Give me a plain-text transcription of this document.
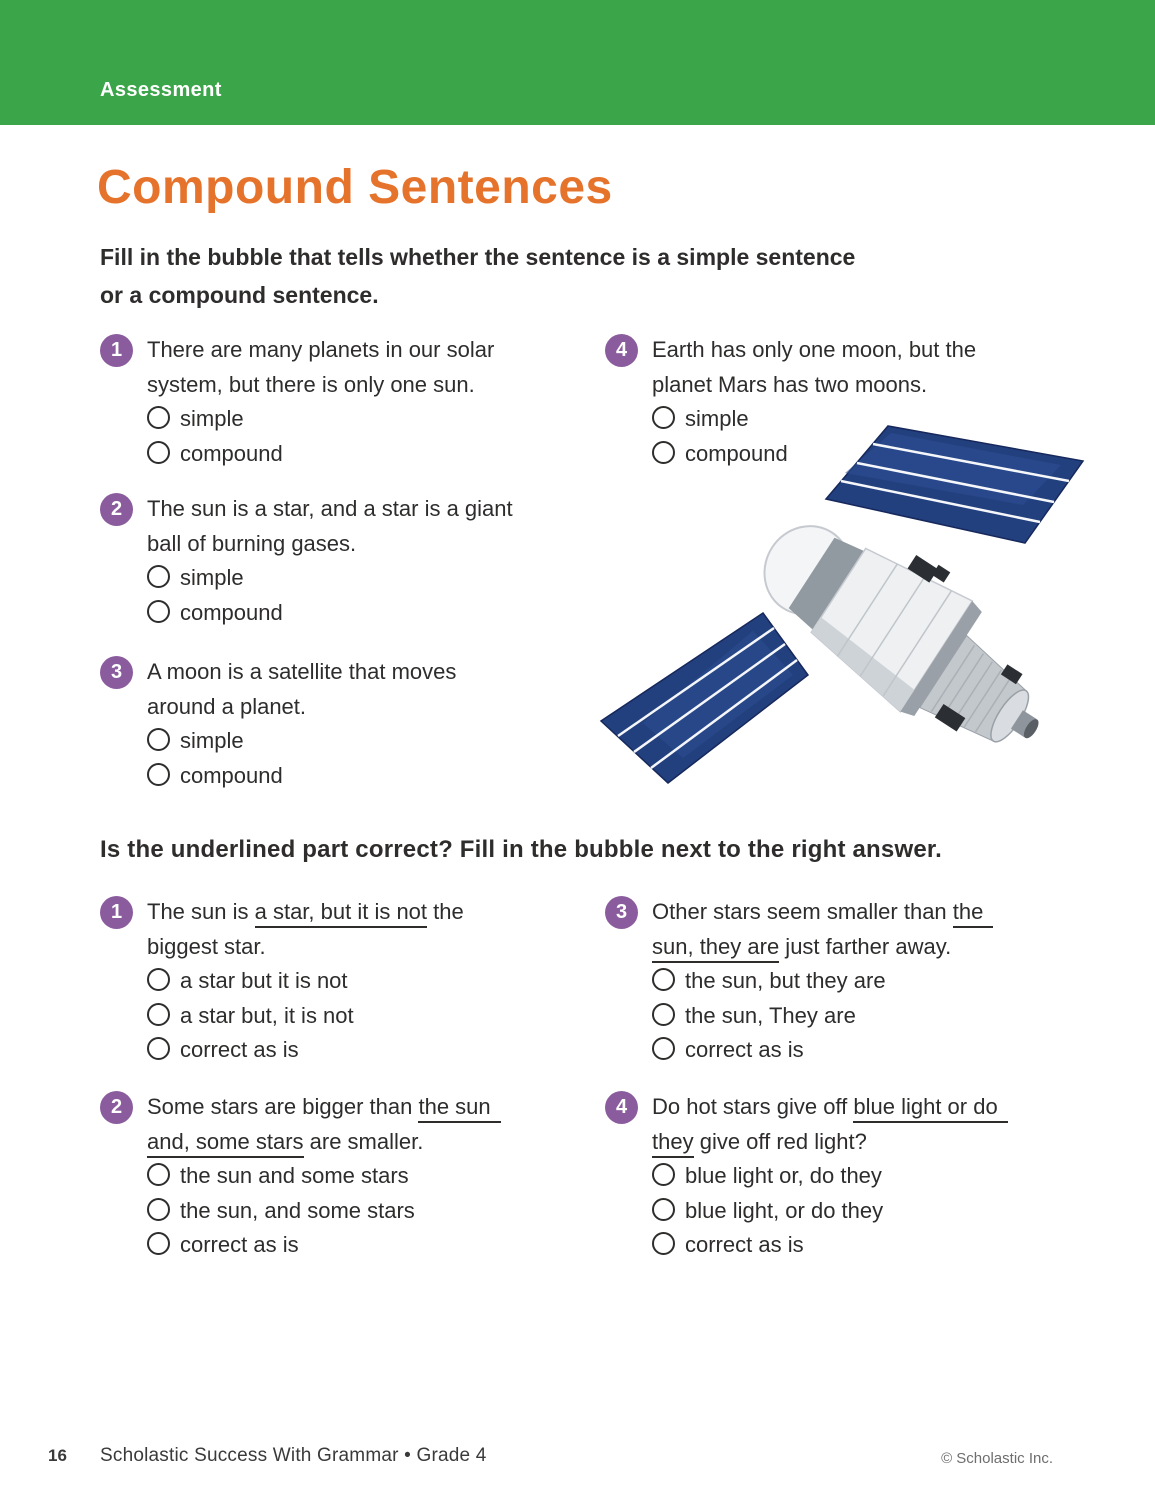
Assessment
Compound Sentences
Fill in the bubble that tells whether the sentence is a simple sentence
or a compound sentence.
1	There are many planets in our solar
system, but there is only one sun.
simple
compound
4	Earth has only one moon, but the
planet Mars has two moons.
simple
compound
2	The sun is a star, and a star is a giant
ball of burning gases.
simple
compound
3	A moon is a satellite that moves
around a planet.
simple
compound
Is the underlined part correct? Fill in the bubble next to the right answer.
1	The sun is a star, but it is not the
biggest star.
a star but it is not
a star but, it is not
correct as is
3	Other stars seem smaller than the
sun, they are just farther away.
the sun, but they are
the sun, They are
correct as is
2	Some stars are bigger than the sun
and, some stars are smaller.
the sun and some stars
the sun, and some stars
correct as is
4	Do hot stars give off blue light or do
they give off red light?
blue light or, do they
blue light, or do they
correct as is
16 Scholastic Success With Grammar • Grade 4	© Scholastic Inc.
